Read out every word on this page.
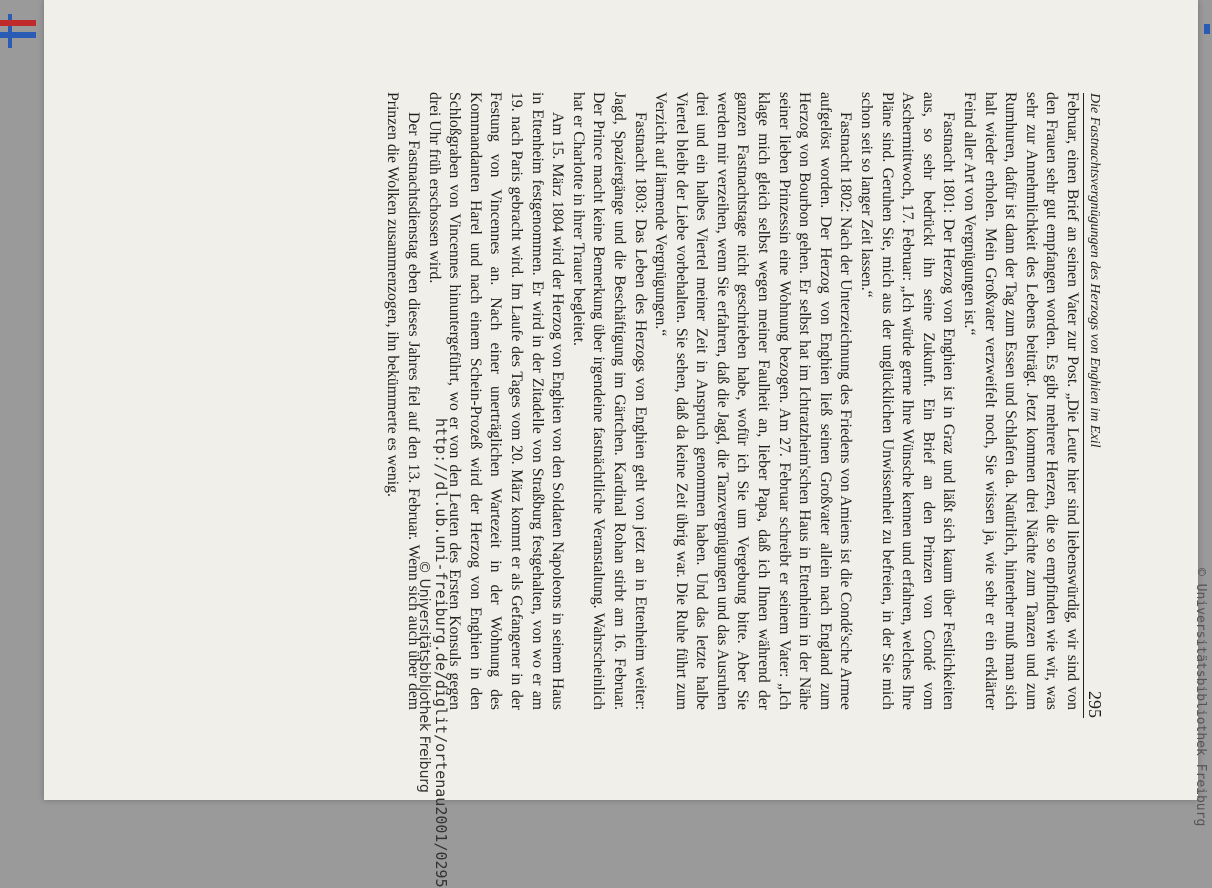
Die Fastnachtsvergnügungen des Herzogs von Enghien im Exil
295

Februar, einen Brief an seinen Vater zur Post. „Die Leute hier sind liebenswürdig, wir sind von den Frauen sehr gut empfangen worden. Es gibt mehrere Herzen, die so empfinden wie wir, was sehr zur Annehmlichkeit des Lebens beiträgt. Jetzt kommen drei Nächte zum Tanzen und zum Rumhuren, dafür ist dann der Tag zum Essen und Schlafen da. Natürlich, hinterher muß man sich halt wieder erholen. Mein Großvater verzweifelt noch, Sie wissen ja, wie sehr er ein erklärter Feind aller Art von Vergnügungen ist.“

Fastnacht 1801: Der Herzog von Enghien ist in Graz und läßt sich kaum über Festlichkeiten aus, so sehr bedrückt ihn seine Zukunft. Ein Brief an den Prinzen von Condé vom Aschermittwoch, 17. Februar: „Ich würde gerne Ihre Wünsche kennen und erfahren, welches Ihre Pläne sind. Geruhen Sie, mich aus der unglücklichen Unwissenheit zu befreien, in der Sie mich schon seit so langer Zeit lassen.“

Fastnacht 1802: Nach der Unterzeichnung des Friedens von Amiens ist die Condé'sche Armee aufgelöst worden. Der Herzog von Enghien ließ seinen Großvater allein nach England zum Herzog von Bourbon gehen. Er selbst hat im Ichtratzheim'schen Haus in Ettenheim in der Nähe seiner lieben Prinzessin eine Wohnung bezogen. Am 27. Februar schreibt er seinem Vater: „Ich klage mich gleich selbst wegen meiner Faulheit an, lieber Papa, daß ich Ihnen während der ganzen Fastnachtstage nicht geschrieben habe, wofür ich Sie um Vergebung bitte. Aber Sie werden mir verzeihen, wenn Sie erfahren, daß die Jagd, die Tanzvergnügungen und das Ausruhen drei und ein halbes Viertel meiner Zeit in Anspruch genommen haben. Und das letzte halbe Viertel bleibt der Liebe vorbehalten. Sie sehen, daß da keine Zeit übrig war. Die Ruhe führt zum Verzicht auf lärmende Vergnügungen.“

Fastnacht 1803: Das Leben des Herzogs von Enghien geht von jetzt an in Ettenheim weiter: Jagd, Spaziergänge und die Beschäftigung im Gärtchen. Kardinal Rohan stirbt am 16. Februar. Der Prince macht keine Bemerkung über irgendeine fastnächtliche Veranstaltung. Wahrscheinlich hat er Charlotte in ihrer Trauer begleitet.

Am 15. März 1804 wird der Herzog von Enghien von den Soldaten Napoleons in seinem Haus in Ettenheim festgenommen. Er wird in der Zitadelle von Straßburg festgehalten, von wo er am 19. nach Paris gebracht wird. Im Laufe des Tages vom 20. März kommt er als Gefangener in der Festung von Vincennes an. Nach einer unerträglichen Wartezeit in der Wohnung des Kommandanten Harel und nach einem Schein-Prozeß wird der Herzog von Enghien in den Schloßgraben von Vincennes hinuntergeführt, wo er von den Leuten des Ersten Konsuls gegen drei Uhr früh erschossen wird.

Der Fastnachtsdienstag eben dieses Jahres fiel auf den 13. Februar. Wenn sich auch über dem Prinzen die Wolken zusammenzogen, ihn bekümmerte es wenig.

http://dl.ub.uni-freiburg.de/diglit/ortenau2001/0295
© Universitätsbibliothek Freiburg	© Universitätsbibliothek Freiburg
